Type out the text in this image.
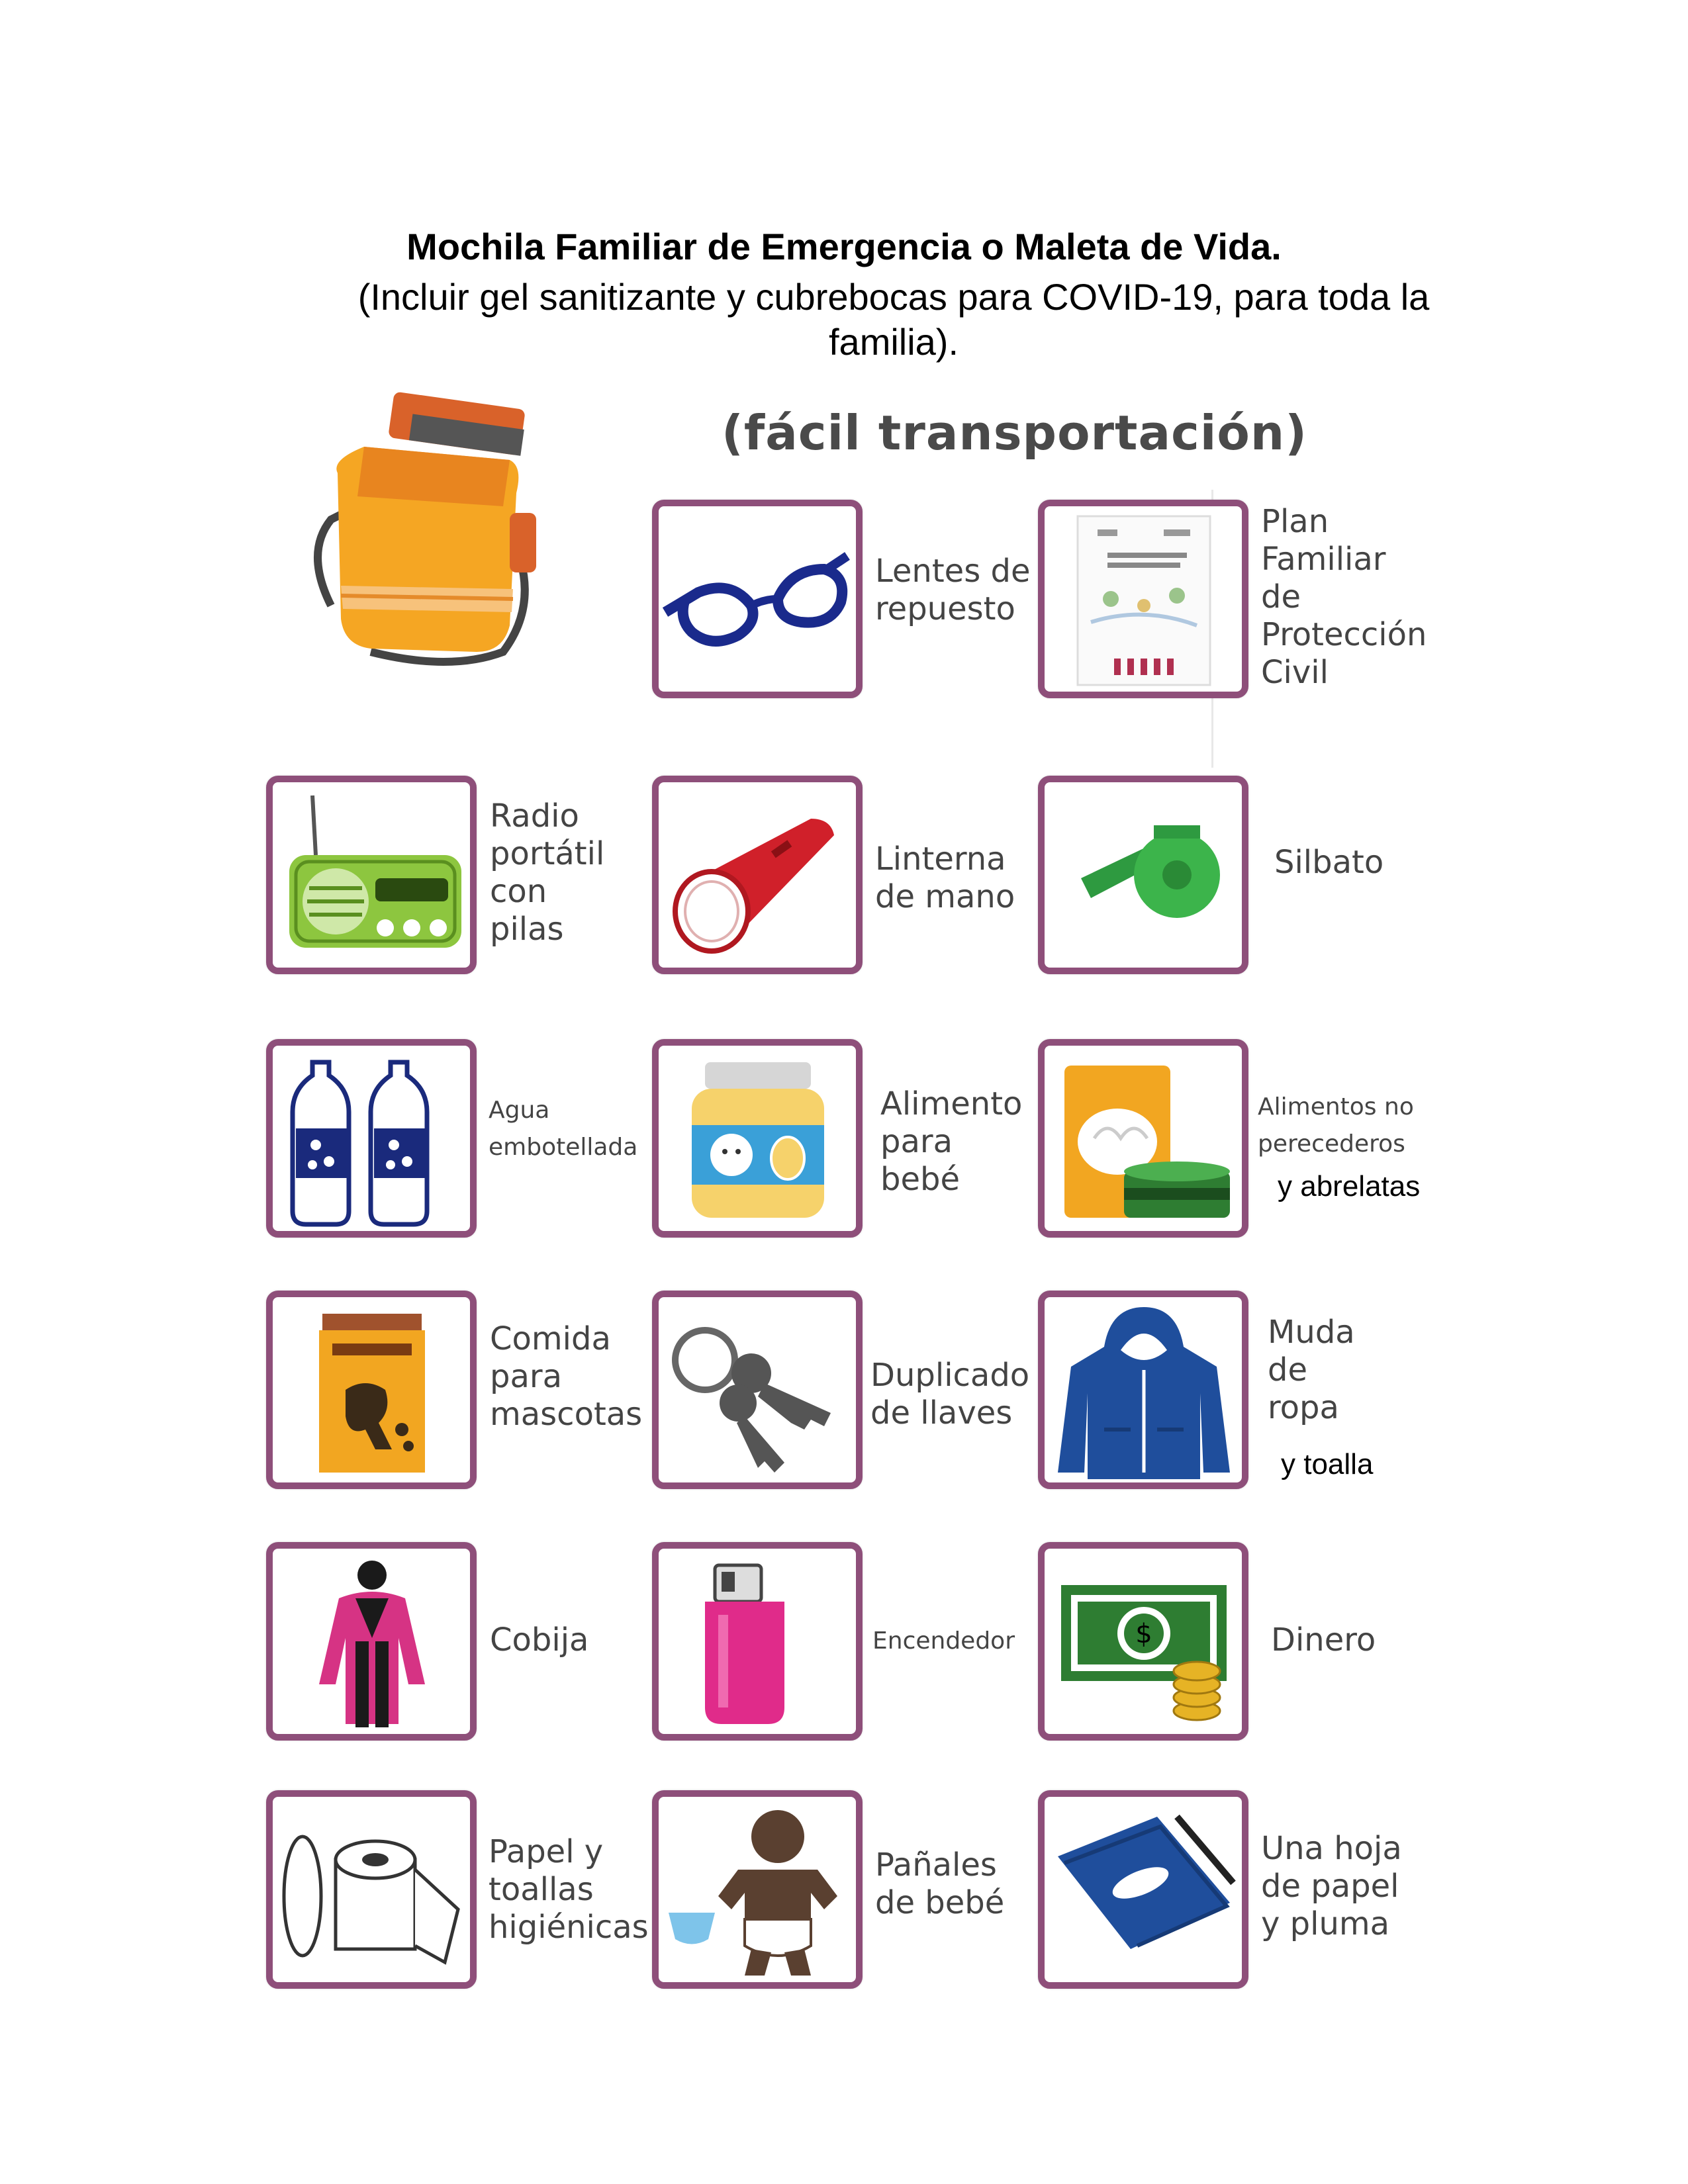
Mochila Familiar de Emergencia o Maleta de Vida.
(Incluir gel sanitizante y cubrebocas para COVID-19, para toda la familia).
(fácil transportación)
Lentes de
repuesto
Plan
Familiar
de
Protección
Civil
Radio
portátil
con
pilas
Linterna
de mano
Silbato
Agua
embotellada
Alimento
para
bebé
Alimentos no
perecederos
y abrelatas
Comida
para
mascotas
Duplicado
de llaves
Muda
de
ropa
y toalla
Cobija	Encendedor	$	Dinero
Papel y
toallas
higiénicas
Pañales
de bebé
Una hoja
de papel
y pluma
